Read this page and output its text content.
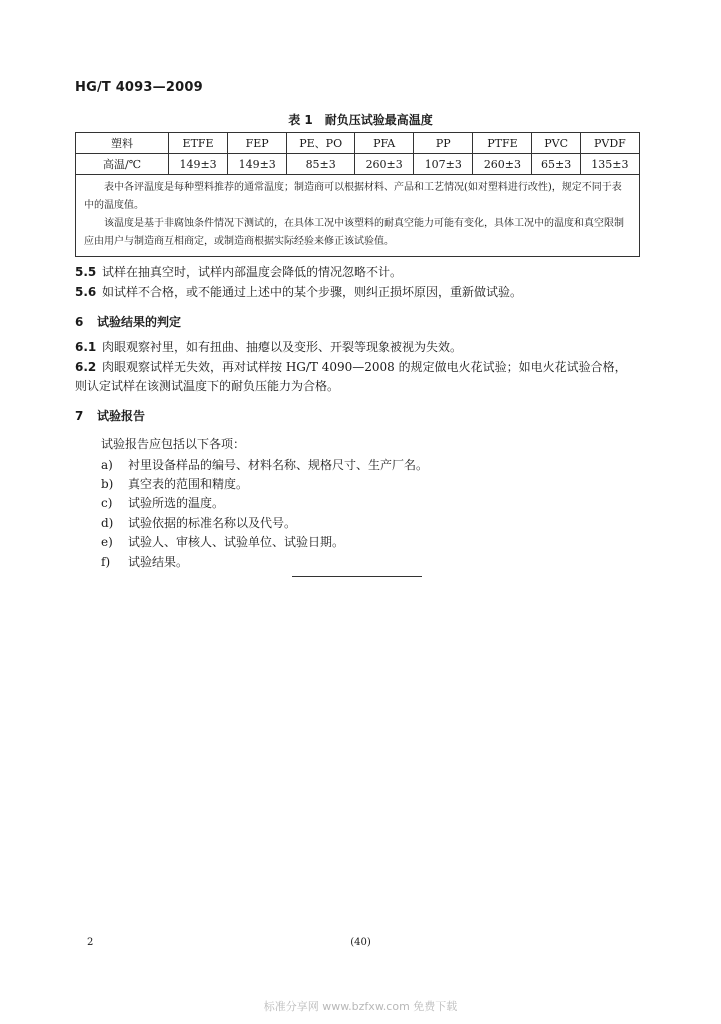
HG/T 4093—2009
表 1　耐负压试验最高温度
塑料	ETFE	FEP	PE、PO	PFA	PP	PTFE	PVC	PVDF
高温/℃	149±3	149±3	85±3	260±3	107±3	260±3	65±3	135±3

表中各评温度是每种塑料推荐的通常温度；制造商可以根据材料、产品和工艺情况(如对塑料进行改性)，规定不同于表中的温度值。
该温度是基于非腐蚀条件情况下测试的，在具体工况中该塑料的耐真空能力可能有变化，具体工况中的温度和真空限制应由用户与制造商互相商定，或制造商根据实际经验来修正该试验值。								
5.5 试样在抽真空时，试样内部温度会降低的情况忽略不计。
5.6 如试样不合格，或不能通过上述中的某个步骤，则纠正损坏原因，重新做试验。
6 试验结果的判定
6.1 肉眼观察衬里，如有扭曲、抽瘪以及变形、开裂等现象被视为失效。
6.2 肉眼观察试样无失效，再对试样按 HG/T 4090—2008 的规定做电火花试验；如电火花试验合格，
则认定试样在该测试温度下的耐负压能力为合格。
7 试验报告
试验报告应包括以下各项：
a) 衬里设备样品的编号、材料名称、规格尺寸、生产厂名。
b) 真空表的范围和精度。
c) 试验所选的温度。
d) 试验依据的标准名称以及代号。
e) 试验人、审核人、试验单位、试验日期。
f) 试验结果。
2	(40)
标准分享网 www.bzfxw.com 免费下载
